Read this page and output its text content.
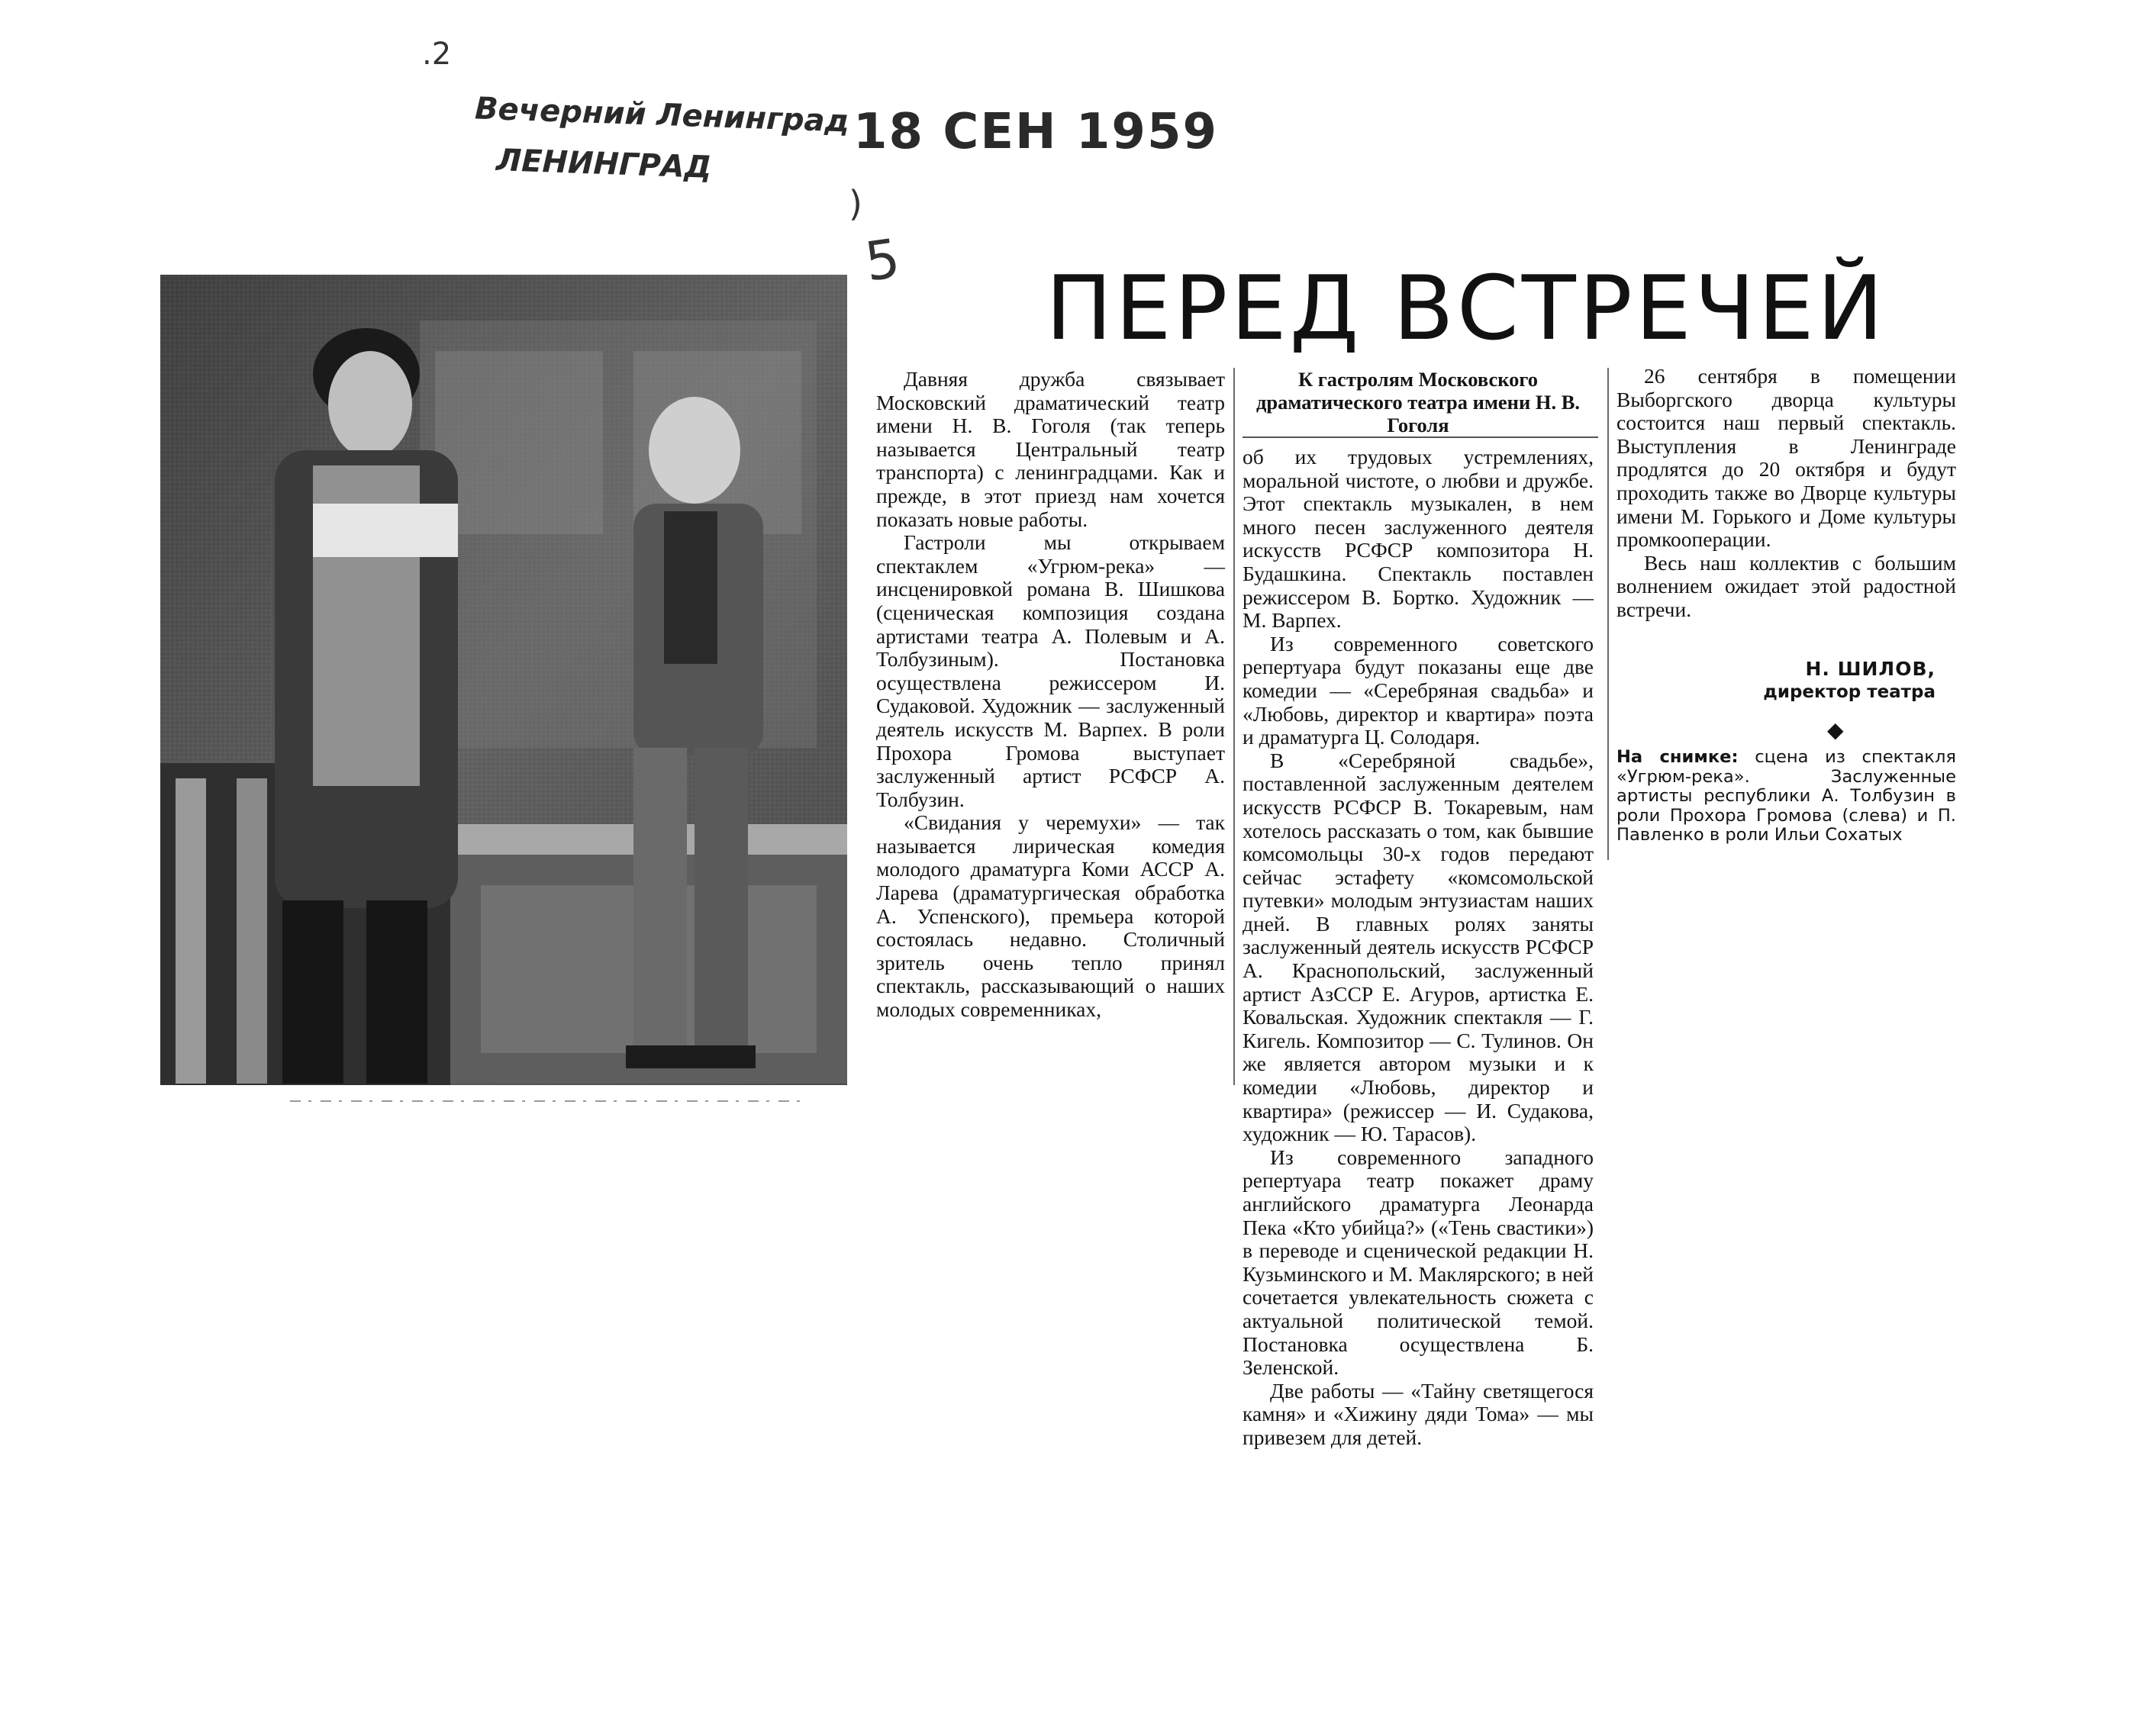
Вечерний Ленинград
ЛЕНИНГРАД
18 СЕН 1959
.2
)
5 ПЕРЕД ВСТРЕЧЕЙ
К гастролям Московского драматического театра имени Н. В. Гоголя

Давняя дружба связывает Московский драматический театр имени Н. В. Гоголя (так теперь называется Центральный театр транспорта) с ленинградцами. Как и прежде, в этот приезд нам хочется показать новые работы.

Гастроли мы открываем спектаклем «Угрюм-река» — инсценировкой романа В. Шишкова (сценическая композиция создана артистами театра А. Полевым и А. Толбузиным). Постановка осуществлена режиссером И. Судаковой. Художник — заслуженный деятель искусств М. Варпех. В роли Прохора Громова выступает заслуженный артист РСФСР А. Толбузин.

«Свидания у черемухи» — так называется лирическая комедия молодого драматурга Коми АССР А. Ларева (драматургическая обработка А. Успенского), премьера которой состоялась недавно. Столичный зритель очень тепло принял спектакль, рассказывающий о наших молодых современниках,

об их трудовых устремлениях, моральной чистоте, о любви и дружбе. Этот спектакль музыкален, в нем много песен заслуженного деятеля искусств РСФСР композитора Н. Будашкина. Спектакль поставлен режиссером В. Бортко. Художник — М. Варпех.

Из современного советского репертуара будут показаны еще две комедии — «Серебряная свадьба» и «Любовь, директор и квартира» поэта и драматурга Ц. Солодаря.

В «Серебряной свадьбе», поставленной заслуженным деятелем искусств РСФСР В. Токаревым, нам хотелось рассказать о том, как бывшие комсомольцы 30-х годов передают сейчас эстафету «комсомольской путевки» молодым энтузиастам наших дней. В главных ролях заняты заслуженный деятель искусств РСФСР А. Краснопольский, заслуженный артист АзССР Е. Агуров, артистка Е. Ковальская. Художник спектакля — Г. Кигель. Композитор — С. Тулинов. Он же является автором музыки и к комедии «Любовь, директор и квартира» (режиссер — И. Судакова, художник — Ю. Тарасов).

Из современного западного репертуара театр покажет драму английского драматурга Леонарда Пека «Кто убийца?» («Тень свастики») в переводе и сценической редакции Н. Кузьминского и М. Маклярского; в ней сочетается увлекательность сюжета с актуальной политической темой. Постановка осуществлена Б. Зеленской.

Две работы — «Тайну светящегося камня» и «Хижину дяди Тома» — мы привезем для детей.

26 сентября в помещении Выборгского дворца культуры состоится наш первый спектакль. Выступления в Ленинграде продлятся до 20 октября и будут проходить также во Дворце культуры имени М. Горького и Доме культуры промкооперации.

Весь наш коллектив с большим волнением ожидает этой радостной встречи.

Н. ШИЛОВ,
директор театра
◆
На снимке: сцена из спектакля «Угрюм-река». Заслуженные артисты республики А. Толбузин в роли Прохора Громова (слева) и П. Павленко в роли Ильи Сохатых
